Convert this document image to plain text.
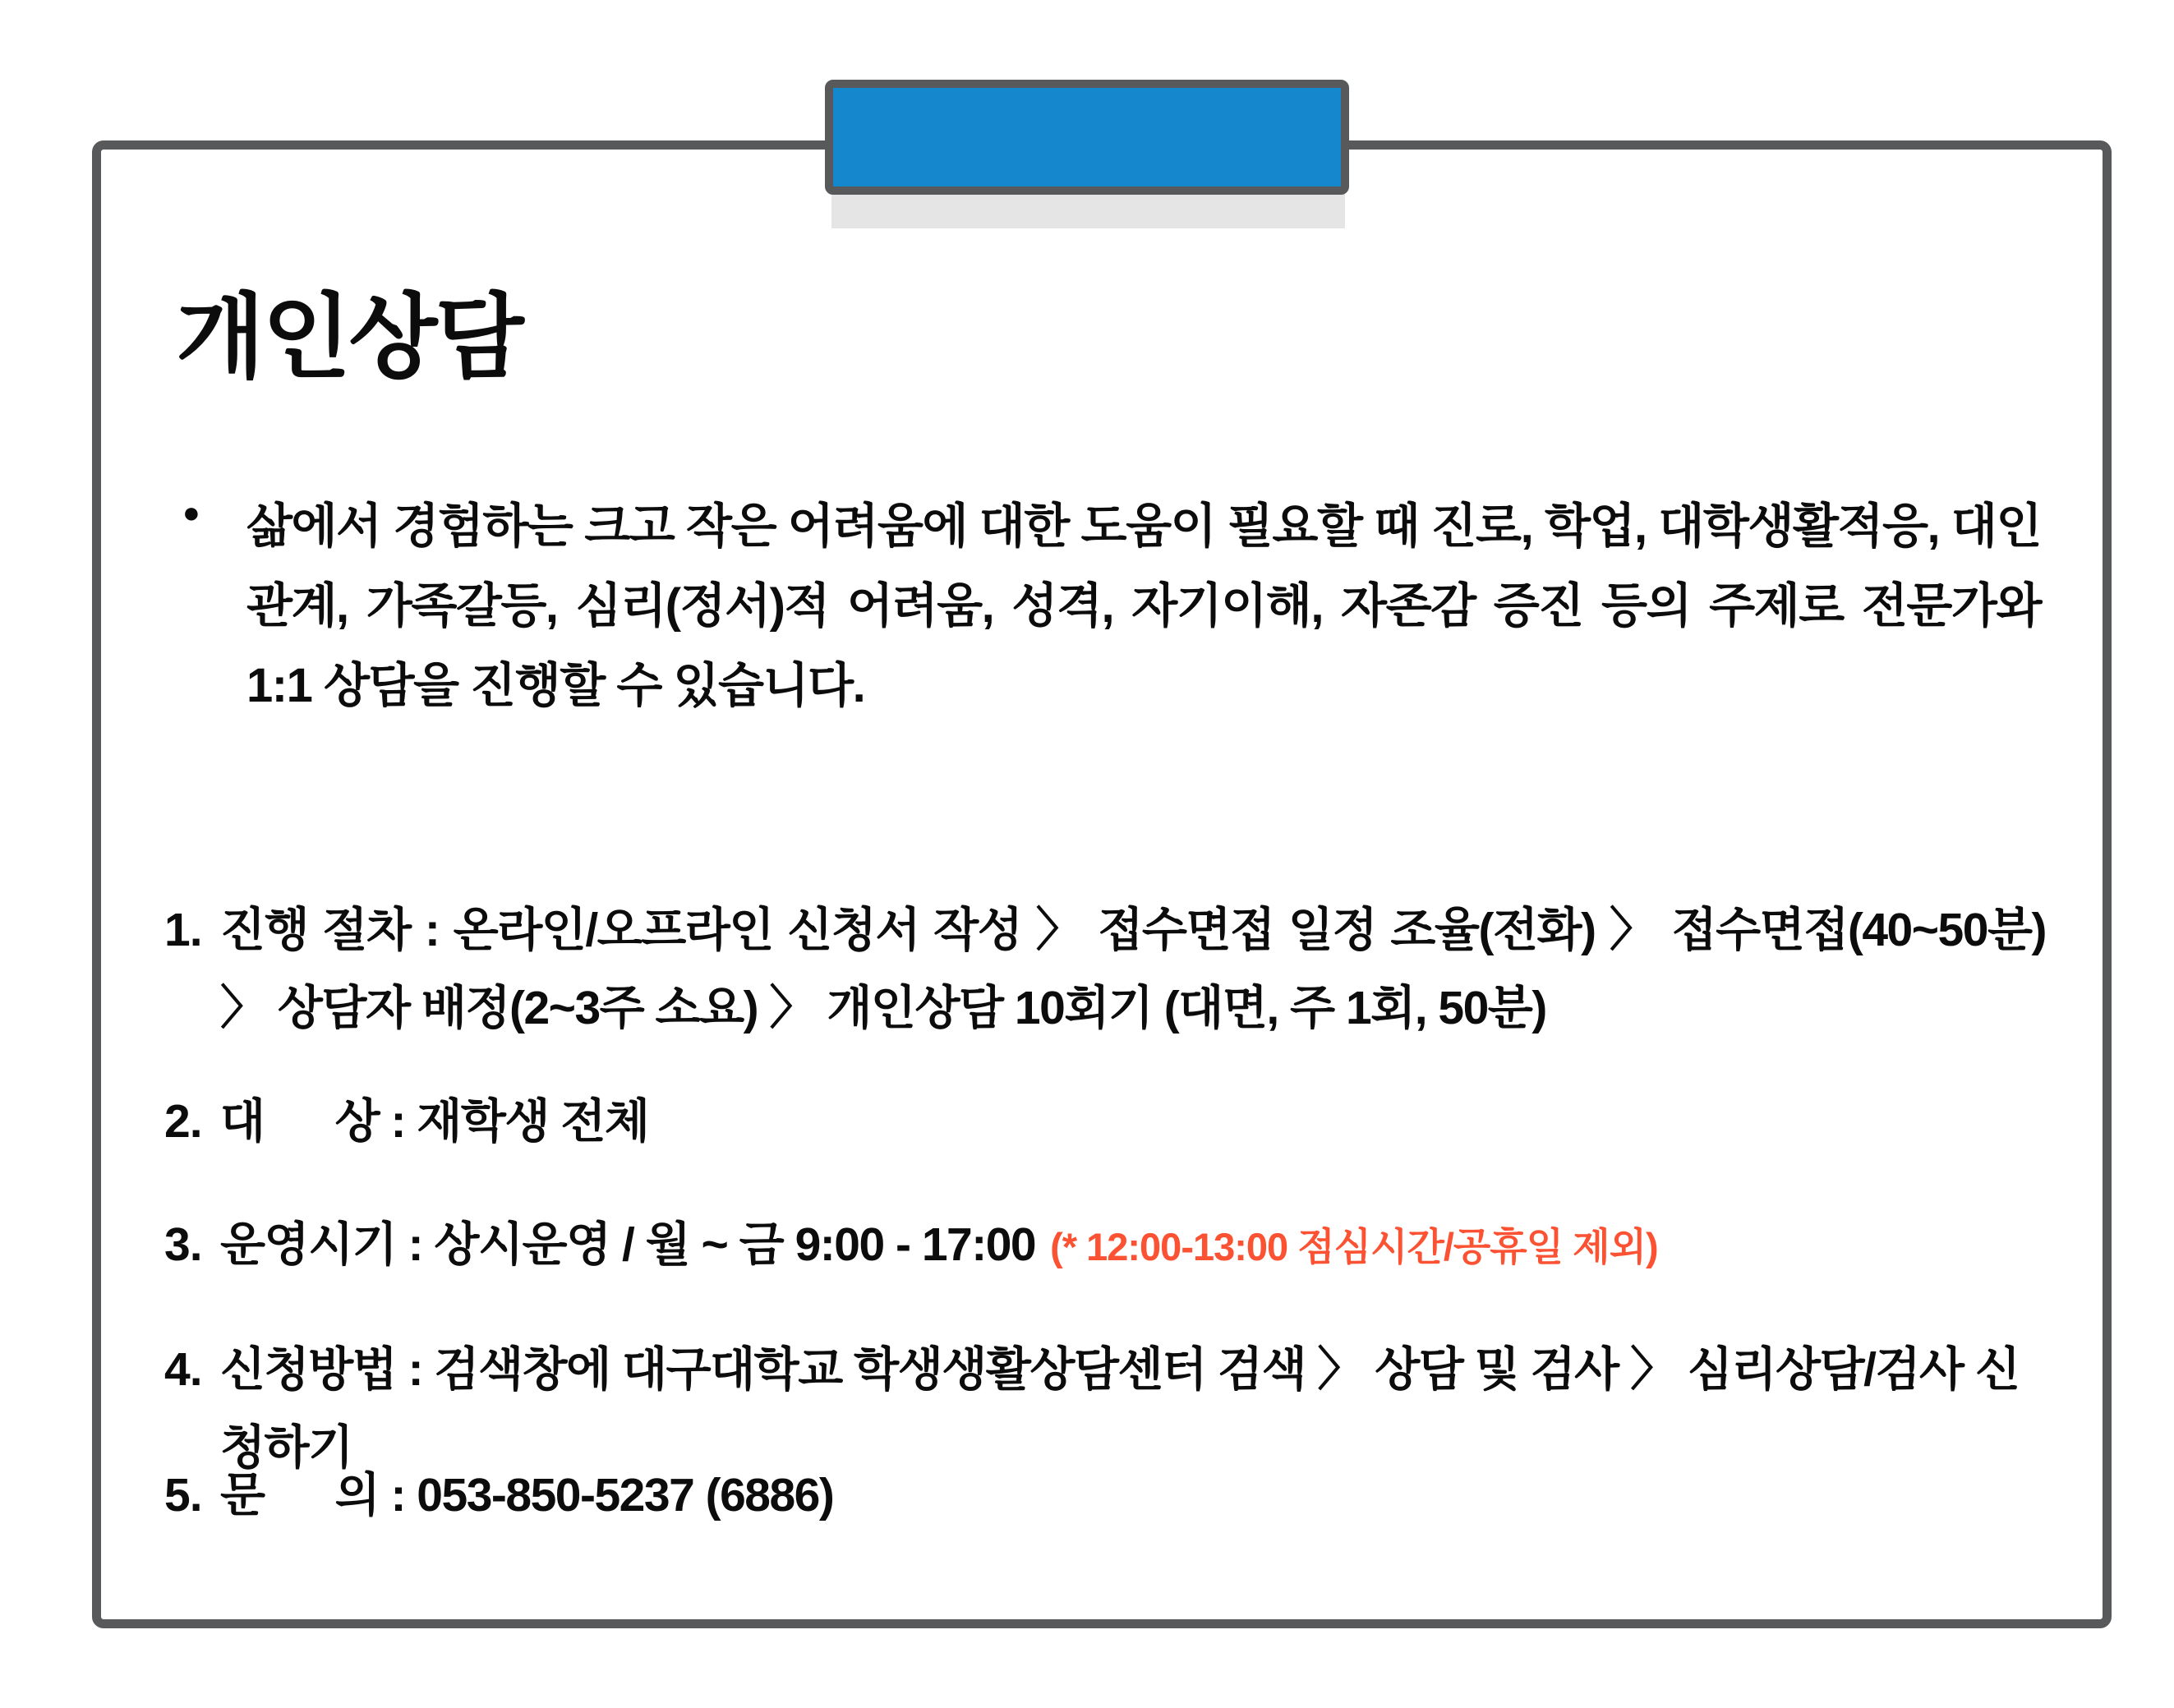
개인상담
● 삶에서 경험하는 크고 작은 어려움에 대한 도움이 필요할 때 진로, 학업, 대학생활적응, 대인관계, 가족갈등, 심리(정서)적 어려움, 성격, 자기이해, 자존감 증진 등의 주제로 전문가와 1:1 상담을 진행할 수 있습니다.

1. 진행 절차 : 온라인/오프라인 신청서 작성 〉 접수면접 일정 조율(전화) 〉 접수면접(40~50분) 〉 상담자 배정(2~3주 소요) 〉 개인상담 10회기 (대면, 주 1회, 50분)
2. 대      상 : 재학생 전체
3. 운영시기 : 상시운영 / 월 ~ 금 9:00 - 17:00 (* 12:00-13:00 점심시간/공휴일 제외)
4. 신청방법 : 검색창에 대구대학교 학생생활상담센터 검색 〉 상담 및 검사 〉 심리상담/검사 신청하기
5. 문      의 : 053-850-5237 (6886)
